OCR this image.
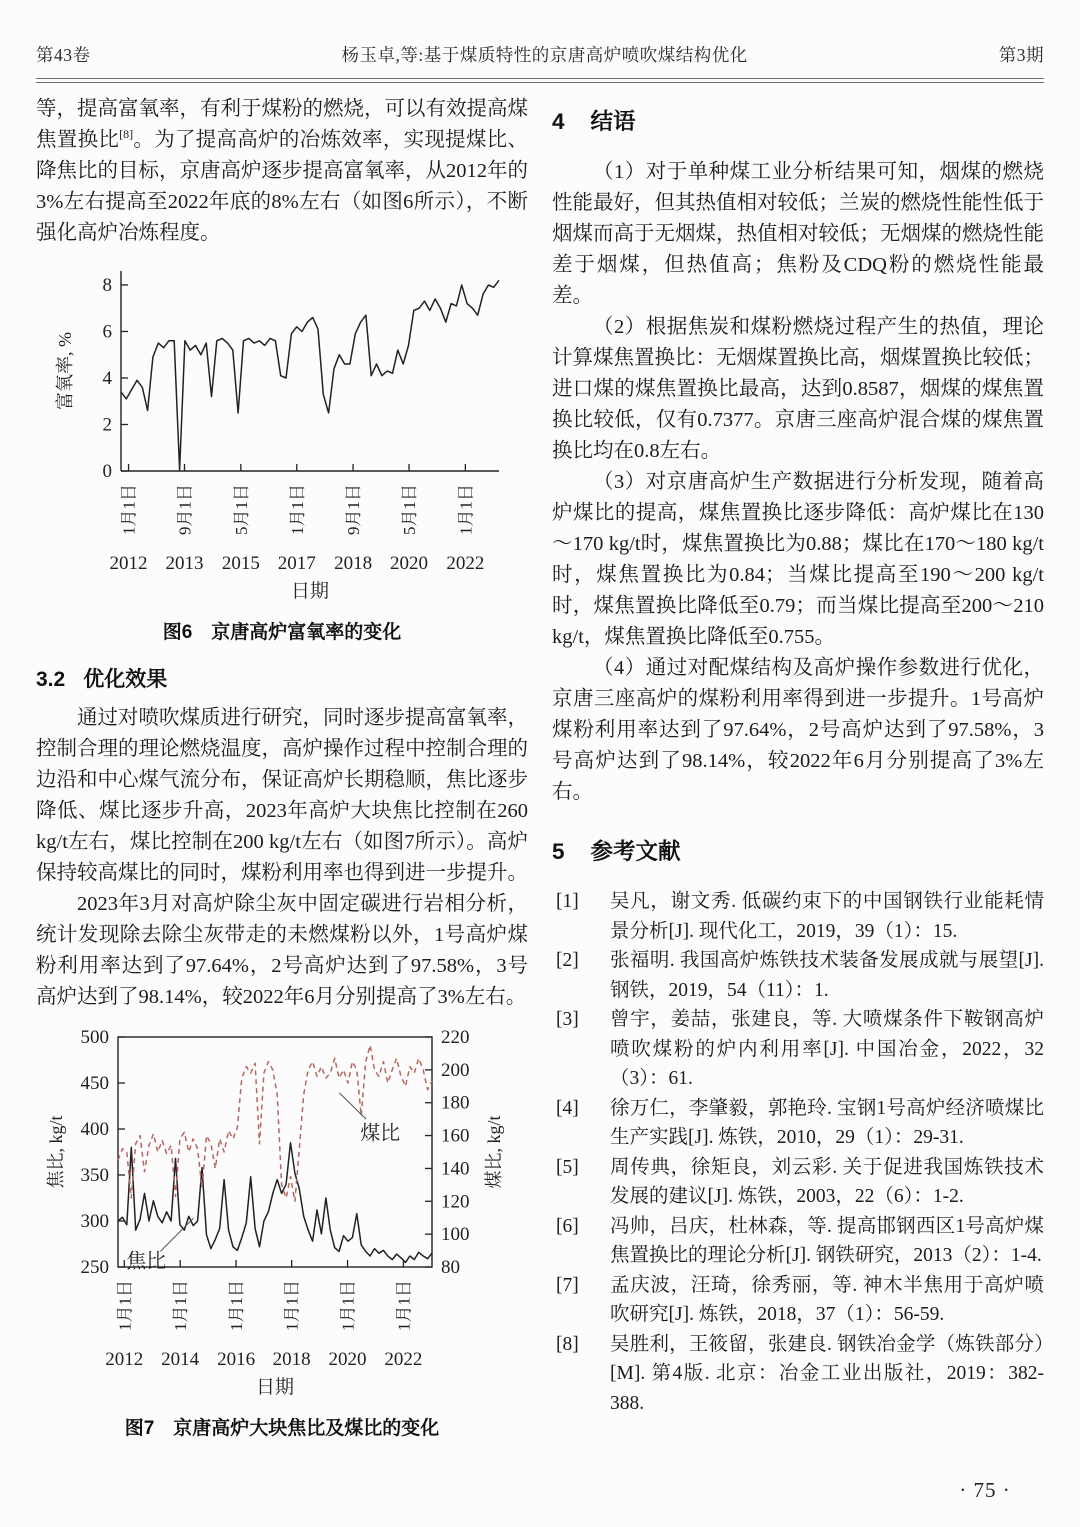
第43卷	杨玉卓,等:基于煤质特性的京唐高炉喷吹煤结构优化	第3期

等，提高富氧率，有利于煤粉的燃烧，可以有效提高煤焦置换比[8]。为了提高高炉的冶炼效率，实现提煤比、降焦比的目标，京唐高炉逐步提高富氧率，从2012年的3%左右提高至2022年底的8%左右（如图6所示），不断强化高炉冶炼程度。

0
2
4
6
8
富氧率, %
1月1日
2012
9月1日
2013
5月1日
2015
1月1日
2017
9月1日
2018
5月1日
2020
1月1日
2022
日期
图6　京唐高炉富氧率的变化
3.2 优化效果

通过对喷吹煤质进行研究，同时逐步提高富氧率，控制合理的理论燃烧温度，高炉操作过程中控制合理的边沿和中心煤气流分布，保证高炉长期稳顺，焦比逐步降低、煤比逐步升高，2023年高炉大块焦比控制在260 kg/t左右，煤比控制在200 kg/t左右（如图7所示）。高炉保持较高煤比的同时，煤粉利用率也得到进一步提升。

2023年3月对高炉除尘灰中固定碳进行岩相分析，统计发现除去除尘灰带走的未燃煤粉以外，1号高炉煤粉利用率达到了97.64%，2号高炉达到了97.58%，3号高炉达到了98.14%，较2022年6月分别提高了3%左右。

250
300
350
400
450
500
80
100
120
140
160
180
200
220
焦比, kg/t	煤比, kg/t
1月1日
2012
1月1日
2014
1月1日
2016
1月1日
2018
1月1日
2020
1月1日
2022
日期
煤比
焦比
图7　京唐高炉大块焦比及煤比的变化
4 结语

（1）对于单种煤工业分析结果可知，烟煤的燃烧性能最好，但其热值相对较低；兰炭的燃烧性能性低于烟煤而高于无烟煤，热值相对较低；无烟煤的燃烧性能差于烟煤，但热值高；焦粉及CDQ粉的燃烧性能最差。

（2）根据焦炭和煤粉燃烧过程产生的热值，理论计算煤焦置换比：无烟煤置换比高，烟煤置换比较低；进口煤的煤焦置换比最高，达到0.8587，烟煤的煤焦置换比较低，仅有0.7377。京唐三座高炉混合煤的煤焦置换比均在0.8左右。

（3）对京唐高炉生产数据进行分析发现，随着高炉煤比的提高，煤焦置换比逐步降低：高炉煤比在130～170 kg/t时，煤焦置换比为0.88；煤比在170～180 kg/t时，煤焦置换比为0.84；当煤比提高至190～200 kg/t时，煤焦置换比降低至0.79；而当煤比提高至200～210 kg/t，煤焦置换比降低至0.755。

（4）通过对配煤结构及高炉操作参数进行优化，京唐三座高炉的煤粉利用率得到进一步提升。1号高炉煤粉利用率达到了97.64%，2号高炉达到了97.58%，3号高炉达到了98.14%，较2022年6月分别提高了3%左右。

5 参考文献
[1] 吴凡，谢文秀. 低碳约束下的中国钢铁行业能耗情景分析[J]. 现代化工，2019，39（1）：15.
[2] 张福明. 我国高炉炼铁技术装备发展成就与展望[J]. 钢铁，2019，54（11）：1.
[3] 曾宇，姜喆，张建良，等. 大喷煤条件下鞍钢高炉喷吹煤粉的炉内利用率[J]. 中国冶金，2022，32（3）：61.
[4] 徐万仁，李肇毅，郭艳玲. 宝钢1号高炉经济喷煤比生产实践[J]. 炼铁，2010，29（1）：29-31.
[5] 周传典，徐矩良，刘云彩. 关于促进我国炼铁技术发展的建议[J]. 炼铁，2003，22（6）：1-2.
[6] 冯帅，吕庆，杜林森，等. 提高邯钢西区1号高炉煤焦置换比的理论分析[J]. 钢铁研究，2013（2）：1-4.
[7] 孟庆波，汪琦，徐秀丽，等. 神木半焦用于高炉喷吹研究[J]. 炼铁，2018，37（1）：56-59.
[8] 吴胜利，王筱留，张建良. 钢铁冶金学（炼铁部分）[M]. 第4版. 北京：冶金工业出版社，2019：382-388.
· 75 ·
